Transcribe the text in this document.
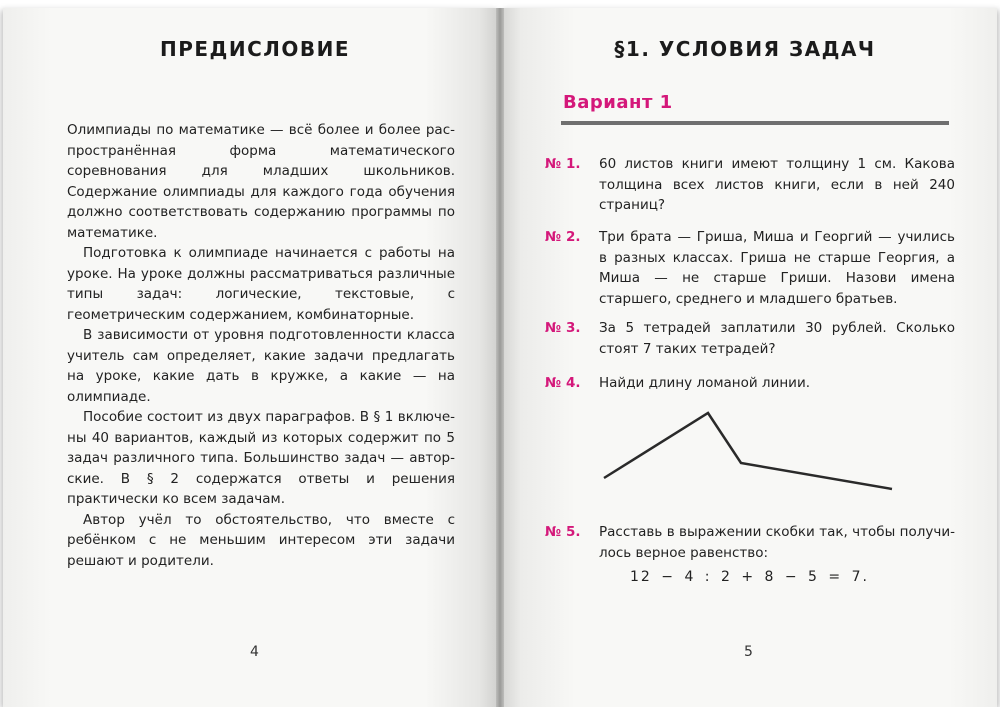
ПРЕДИСЛОВИЕ

Олимпиады по математике — всё более и более распространённая форма математического соревнования для младших школьников. Содержание олимпиады для каждого года обучения должно соответствовать содержанию программы по математике.

Подготовка к олимпиаде начинается с работы на уроке. На уроке должны рассматриваться различные типы задач: логические, текстовые, с геометрическим содержанием, комбинаторные.

В зависимости от уровня подготовленности класса учитель сам определяет, какие задачи предлагать на уроке, какие дать в кружке, а какие — на олимпиаде.

Пособие состоит из двух параграфов. В § 1 включены 40 вариантов, каждый из которых содержит по 5 задач различного типа. Большинство задач — авторские. В § 2 содержатся ответы и решения практически ко всем задачам.

Автор учёл то обстоятельство, что вместе с ребёнком с не меньшим интересом эти задачи решают и родители.

4
§1. УСЛОВИЯ ЗАДАЧ
Вариант 1
№ 1. 60 листов книги имеют толщину 1 см. Какова толщина всех листов книги, если в ней 240 страниц?
№ 2. Три брата — Гриша, Миша и Георгий — учились в разных классах. Гриша не старше Георгия, а Миша — не старше Гриши. Назови имена старшего, среднего и младшего братьев.
№ 3. За 5 тетрадей заплатили 30 рублей. Сколько стоят 7 таких тетрадей?
№ 4. Найди длину ломаной линии.
№ 5. Расставь в выражении скобки так, чтобы получилось верное равенство:
12 − 4 : 2 + 8 − 5 = 7.
5
